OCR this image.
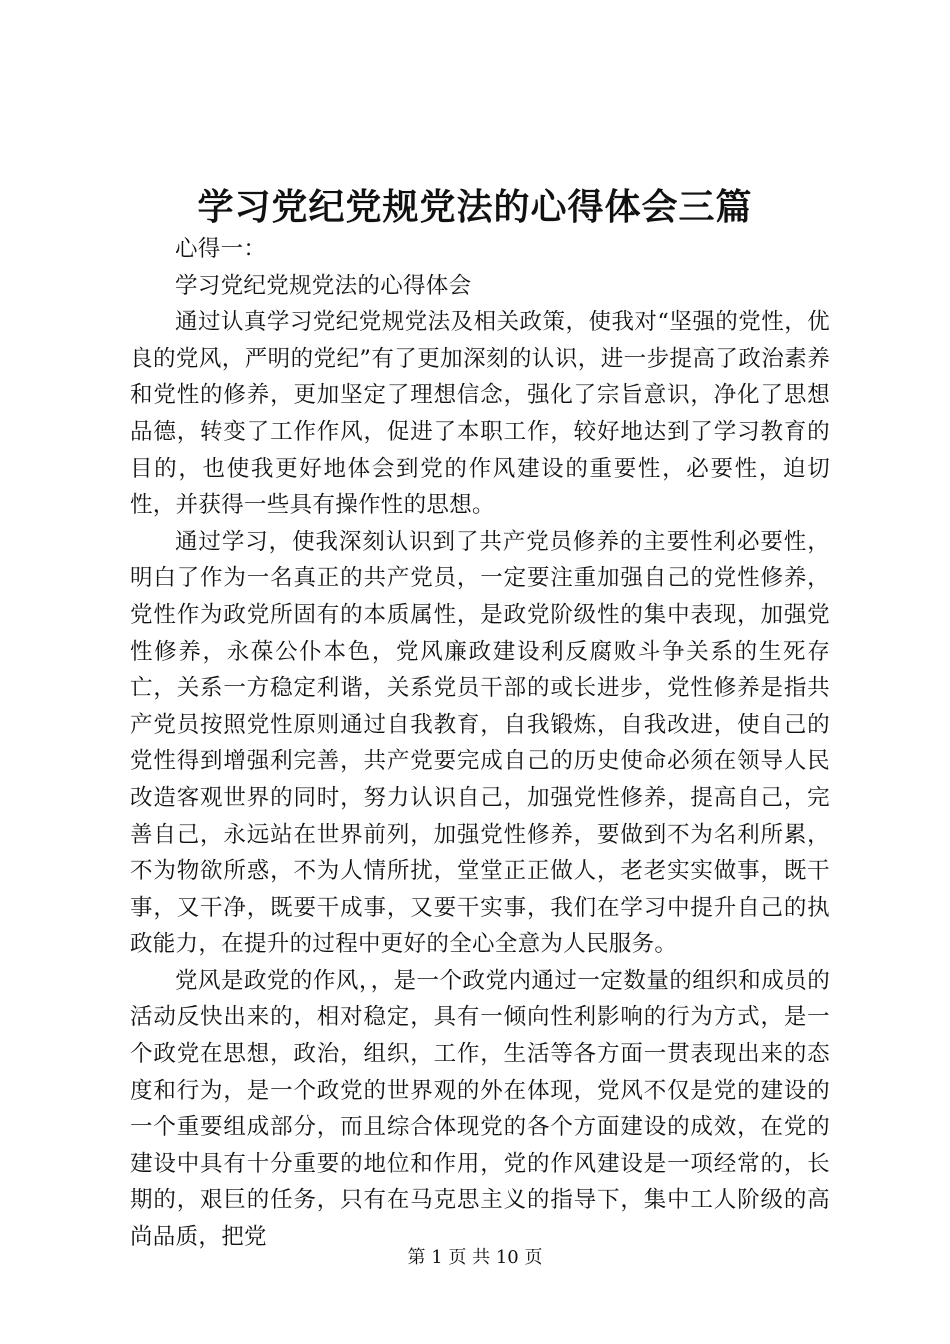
学习党纪党规党法的心得体会三篇

心得一：

学习党纪党规党法的心得体会

通过认真学习党纪党规党法及相关政策，使我对“坚强的党性，优良的党风，严明的党纪”有了更加深刻的认识，进一步提高了政治素养和党性的修养，更加坚定了理想信念，强化了宗旨意识，净化了思想品德，转变了工作作风，促进了本职工作，较好地达到了学习教育的目的，也使我更好地体会到党的作风建设的重要性，必要性，迫切性，并获得一些具有操作性的思想。

通过学习，使我深刻认识到了共产党员修养的主要性利必要性，明白了作为一名真正的共产党员，一定要注重加强自己的党性修养，党性作为政党所固有的本质属性，是政党阶级性的集中表现，加强党性修养，永葆公仆本色，党风廉政建设利反腐败斗争关系的生死存亡，关系一方稳定利谐，关系党员干部的或长进步，党性修养是指共产党员按照党性原则通过自我教育，自我锻炼，自我改进，使自己的党性得到增强利完善，共产党要完成自己的历史使命必须在领导人民改造客观世界的同时，努力认识自己，加强党性修养，提高自己，完善自己，永远站在世界前列，加强党性修养，要做到不为名利所累，不为物欲所惑，不为人情所扰，堂堂正正做人，老老实实做事，既干事，又干净，既要干成事，又要干实事，我们在学习中提升自己的执政能力，在提升的过程中更好的全心全意为人民服务。

党风是政党的作风，，是一个政党内通过一定数量的组织和成员的活动反快出来的，相对稳定，具有一倾向性利影响的行为方式，是一个政党在思想，政治，组织，工作，生活等各方面一贯表现出来的态度和行为，是一个政党的世界观的外在体现，党风不仅是党的建设的一个重要组成部分，而且综合体现党的各个方面建设的成效，在党的建设中具有十分重要的地位和作用，党的作风建设是一项经常的，长期的，艰巨的任务，只有在马克思主义的指导下，集中工人阶级的高尚品质，把党

第 1 页 共 10 页
